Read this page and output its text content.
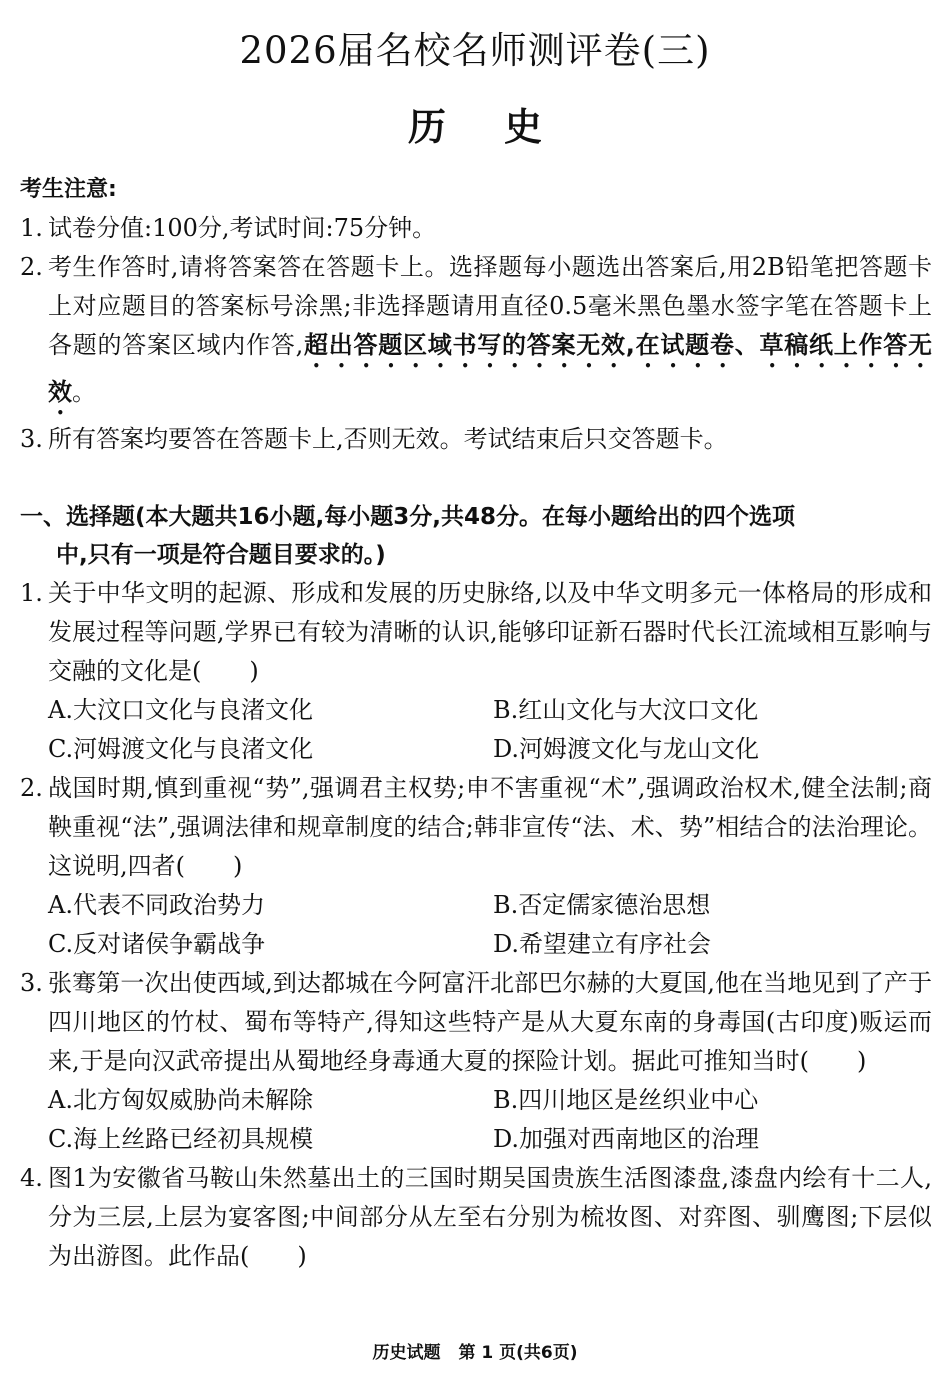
2026届名校名师测评卷(三)
历史
考生注意:
1. 试卷分值:100分,考试时间:75分钟。
2. 考生作答时,请将答案答在答题卡上。选择题每小题选出答案后,用2B铅笔把答题卡上对应题目的答案标号涂黑;非选择题请用直径0.5毫米黑色墨水签字笔在答题卡上各题的答案区域内作答,超出答题区域书写的答案无效,在试题卷、草稿纸上作答无效。
3. 所有答案均要答在答题卡上,否则无效。考试结束后只交答题卡。
一、选择题(本大题共16小题,每小题3分,共48分。在每小题给出的四个选项
中,只有一项是符合题目要求的。)
1. 关于中华文明的起源、形成和发展的历史脉络,以及中华文明多元一体格局的形成和发展过程等问题,学界已有较为清晰的认识,能够印证新石器时代长江流域相互影响与交融的文化是(　　)
A.大汶口文化与良渚文化	B.红山文化与大汶口文化
C.河姆渡文化与良渚文化	D.河姆渡文化与龙山文化
2. 战国时期,慎到重视“势”,强调君主权势;申不害重视“术”,强调政治权术,健全法制;商鞅重视“法”,强调法律和规章制度的结合;韩非宣传“法、术、势”相结合的法治理论。这说明,四者(　　)
A.代表不同政治势力	B.否定儒家德治思想
C.反对诸侯争霸战争	D.希望建立有序社会
3. 张骞第一次出使西域,到达都城在今阿富汗北部巴尔赫的大夏国,他在当地见到了产于四川地区的竹杖、蜀布等特产,得知这些特产是从大夏东南的身毒国(古印度)贩运而来,于是向汉武帝提出从蜀地经身毒通大夏的探险计划。据此可推知当时(　　)
A.北方匈奴威胁尚未解除	B.四川地区是丝织业中心
C.海上丝路已经初具规模	D.加强对西南地区的治理
4. 图1为安徽省马鞍山朱然墓出土的三国时期吴国贵族生活图漆盘,漆盘内绘有十二人,分为三层,上层为宴客图;中间部分从左至右分别为梳妆图、对弈图、驯鹰图;下层似为出游图。此作品(　　)
历史试题 第 1 页(共6页)
